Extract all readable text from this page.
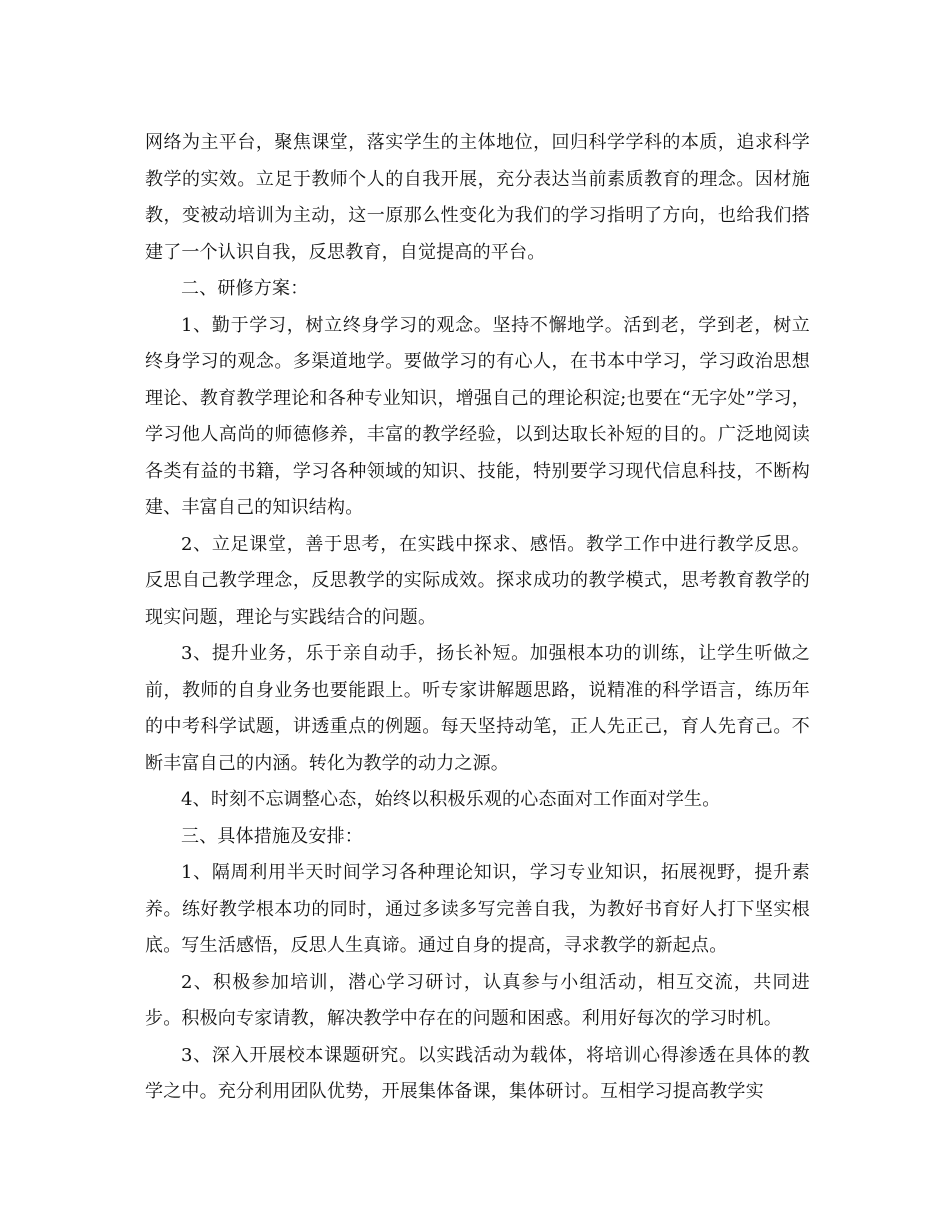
网络为主平台，聚焦课堂，落实学生的主体地位，回归科学学科的本质，追求科学教学的实效。立足于教师个人的自我开展，充分表达当前素质教育的理念。因材施教，变被动培训为主动，这一原那么性变化为我们的学习指明了方向，也给我们搭建了一个认识自我，反思教育，自觉提高的平台。

二、研修方案：

1、勤于学习，树立终身学习的观念。坚持不懈地学。活到老，学到老，树立终身学习的观念。多渠道地学。要做学习的有心人，在书本中学习，学习政治思想理论、教育教学理论和各种专业知识，增强自己的理论积淀;也要在“无字处”学习，学习他人高尚的师德修养，丰富的教学经验，以到达取长补短的目的。广泛地阅读各类有益的书籍，学习各种领域的知识、技能，特别要学习现代信息科技，不断构建、丰富自己的知识结构。

2、立足课堂，善于思考，在实践中探求、感悟。教学工作中进行教学反思。反思自己教学理念，反思教学的实际成效。探求成功的教学模式，思考教育教学的现实问题，理论与实践结合的问题。

3、提升业务，乐于亲自动手，扬长补短。加强根本功的训练，让学生听做之前，教师的自身业务也要能跟上。听专家讲解题思路，说精准的科学语言，练历年的中考科学试题，讲透重点的例题。每天坚持动笔，正人先正己，育人先育己。不断丰富自己的内涵。转化为教学的动力之源。

4、时刻不忘调整心态，始终以积极乐观的心态面对工作面对学生。

三、具体措施及安排：

1、隔周利用半天时间学习各种理论知识，学习专业知识，拓展视野，提升素养。练好教学根本功的同时，通过多读多写完善自我，为教好书育好人打下坚实根底。写生活感悟，反思人生真谛。通过自身的提高，寻求教学的新起点。

2、积极参加培训，潜心学习研讨，认真参与小组活动，相互交流，共同进步。积极向专家请教，解决教学中存在的问题和困惑。利用好每次的学习时机。

3、深入开展校本课题研究。以实践活动为载体，将培训心得渗透在具体的教学之中。充分利用团队优势，开展集体备课，集体研讨。互相学习提高教学实
